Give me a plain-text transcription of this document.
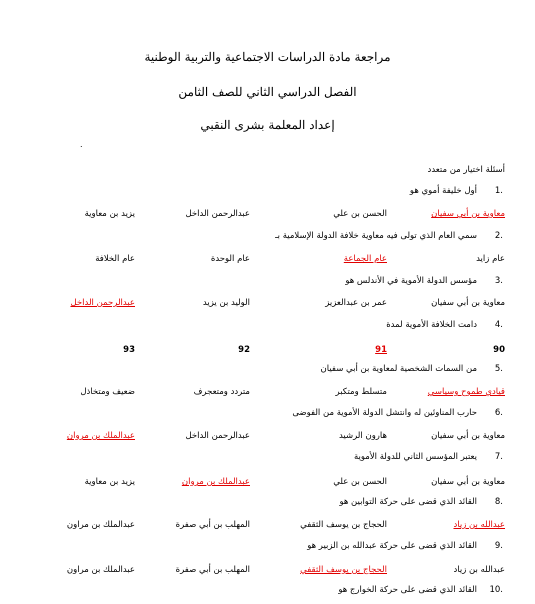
مراجعة مادة الدراسات الاجتماعية والتربية الوطنية
الفصل الدراسي الثاني للصف الثامن
إعداد المعلمة بشرى النقبي
.
أسئلة اختيار من متعدد
1.
أول خليفة أموي هو
معاوية بن أبي سفيان
الحسن بن علي
عبدالرحمن الداخل
يزيد بن معاوية
2.
سمي العام الذي تولى فيه معاوية خلافة الدولة الإسلامية بـ
عام زايد
عام الجماعة
عام الوحدة
عام الخلافة
3.
مؤسس الدولة الأموية في الأندلس هو
معاوية بن أبي سفيان
عمر بن عبدالعزيز
الوليد بن يزيد
عبدالرحمن الداخل
4.
دامت الخلافة الأموية لمدة
90
91
92
93
5.
من السمات الشخصية لمعاوية بن أبي سفيان
قيادي طموح وسياسي
متسلط ومتكبر
متردد ومتعجرف
ضعيف ومتخاذل
6.
حارب المناوئين له وانتشل الدولة الأموية من الفوضى
معاوية بن أبي سفيان
هارون الرشيد
عبدالرحمن الداخل
عبدالملك بن مروان
7.
يعتبر المؤسس الثاني للدولة الأموية
معاوية بن أبي سفيان
الحسن بن علي
عبدالملك بن مروان
يزيد بن معاوية
8.
القائد الذي قضى على حركة التوابين هو
عبدالله بن زياد
الحجاج بن يوسف الثقفي
المهلب بن أبي صفرة
عبدالملك بن مراون
9.
القائد الذي قضى على حركة عبدالله بن الزبير هو
عبدالله بن زياد
الحجاج بن يوسف الثقفي
المهلب بن أبي صفرة
عبدالملك بن مراون
10.
القائد الذي قضى على حركة الخوارج هو
